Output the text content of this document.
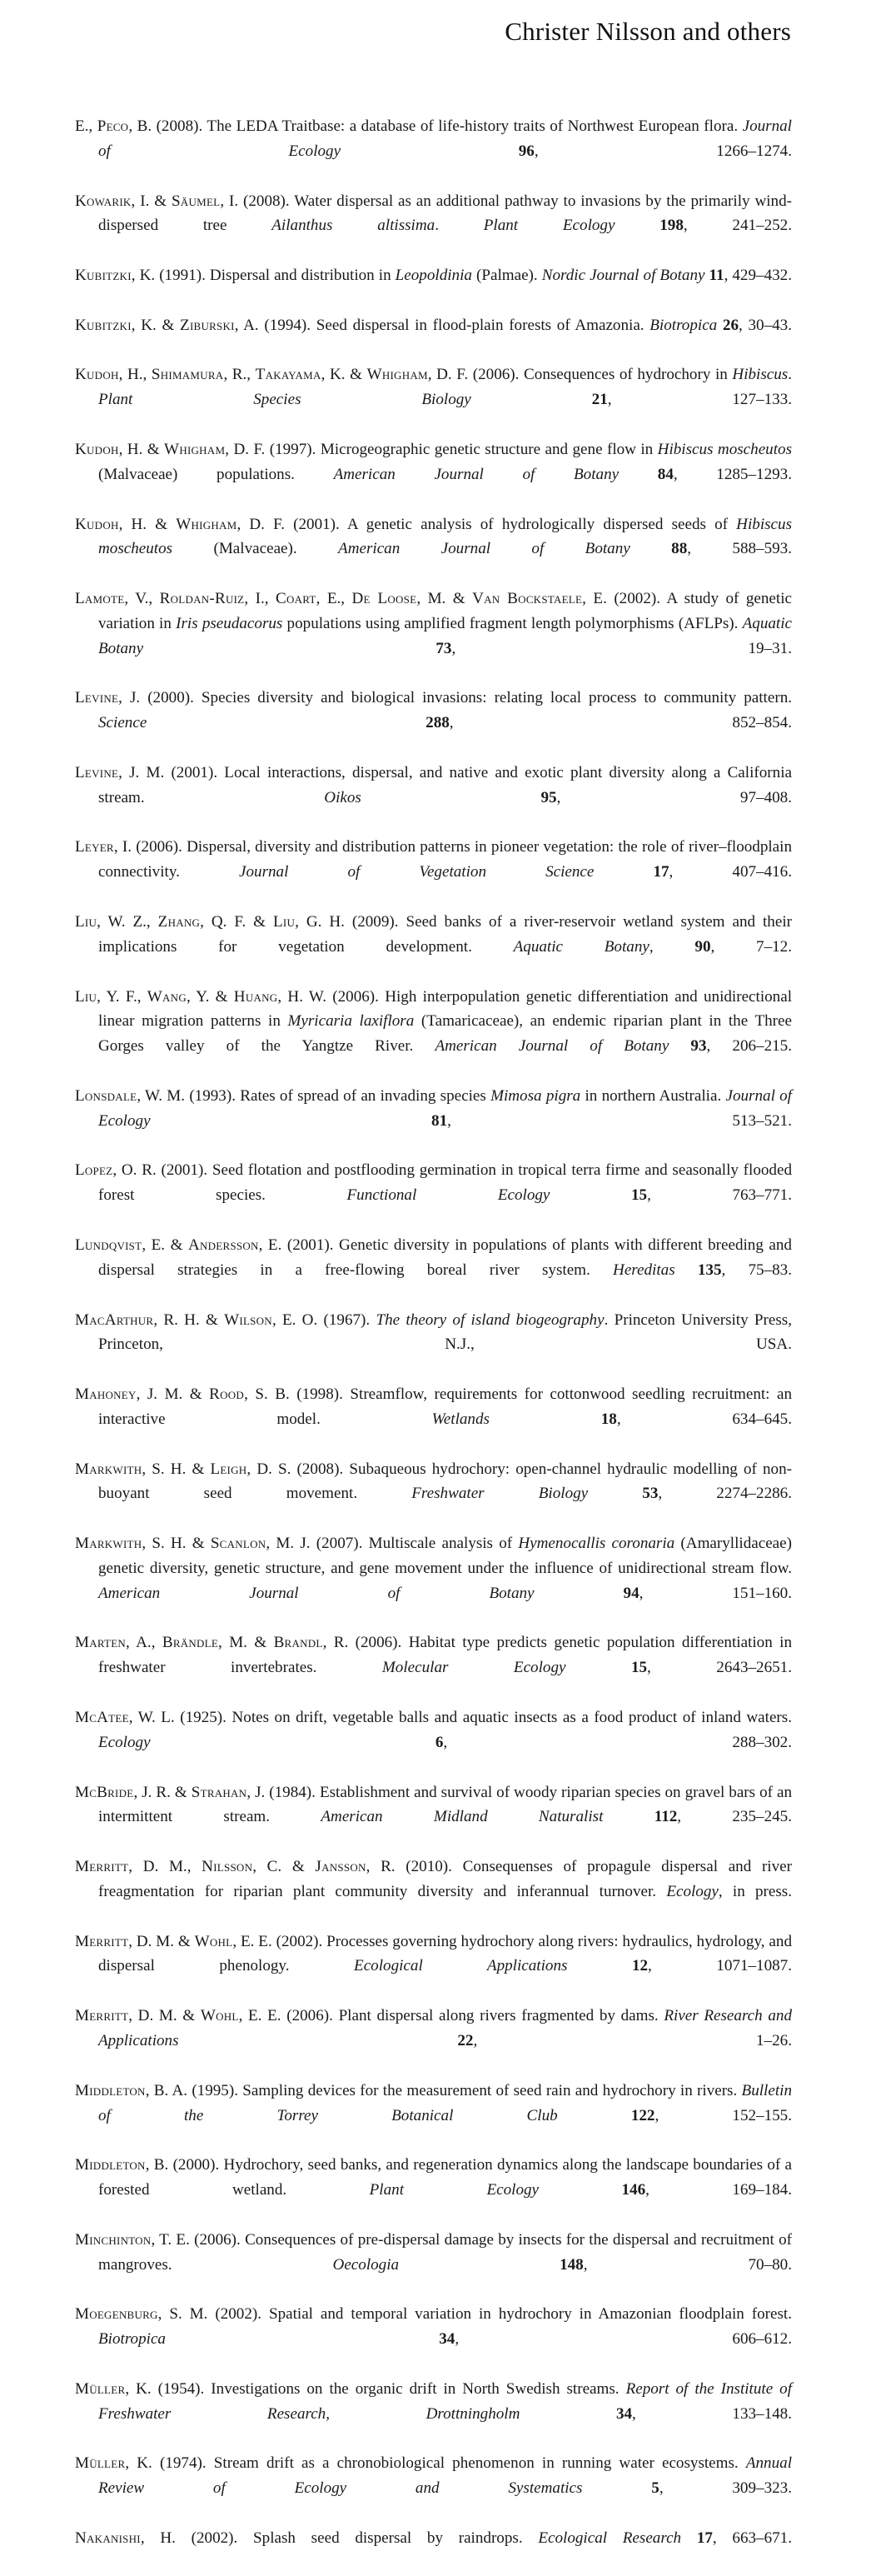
Christer Nilsson and others

E., Peco, B. (2008). The LEDA Traitbase: a database of life-history traits of Northwest European flora. Journal of Ecology 96, 1266–1274.

Kowarik, I. & Säumel, I. (2008). Water dispersal as an additional pathway to invasions by the primarily wind-dispersed tree Ailanthus altissima. Plant Ecology 198, 241–252.

Kubitzki, K. (1991). Dispersal and distribution in Leopoldinia (Palmae). Nordic Journal of Botany 11, 429–432.

Kubitzki, K. & Ziburski, A. (1994). Seed dispersal in flood-plain forests of Amazonia. Biotropica 26, 30–43.

Kudoh, H., Shimamura, R., Takayama, K. & Whigham, D. F. (2006). Consequences of hydrochory in Hibiscus. Plant Species Biology 21, 127–133.

Kudoh, H. & Whigham, D. F. (1997). Microgeographic genetic structure and gene flow in Hibiscus moscheutos (Malvaceae) populations. American Journal of Botany 84, 1285–1293.

Kudoh, H. & Whigham, D. F. (2001). A genetic analysis of hydrologically dispersed seeds of Hibiscus moscheutos (Malvaceae). American Journal of Botany 88, 588–593.

Lamote, V., Roldan-Ruiz, I., Coart, E., De Loose, M. & Van Bockstaele, E. (2002). A study of genetic variation in Iris pseudacorus populations using amplified fragment length polymorphisms (AFLPs). Aquatic Botany 73, 19–31.

Levine, J. (2000). Species diversity and biological invasions: relating local process to community pattern. Science 288, 852–854.

Levine, J. M. (2001). Local interactions, dispersal, and native and exotic plant diversity along a California stream. Oikos 95, 97–408.

Leyer, I. (2006). Dispersal, diversity and distribution patterns in pioneer vegetation: the role of river–floodplain connectivity. Journal of Vegetation Science 17, 407–416.

Liu, W. Z., Zhang, Q. F. & Liu, G. H. (2009). Seed banks of a river-reservoir wetland system and their implications for vegetation development. Aquatic Botany, 90, 7–12.

Liu, Y. F., Wang, Y. & Huang, H. W. (2006). High interpopulation genetic differentiation and unidirectional linear migration patterns in Myricaria laxiflora (Tamaricaceae), an endemic riparian plant in the Three Gorges valley of the Yangtze River. American Journal of Botany 93, 206–215.

Lonsdale, W. M. (1993). Rates of spread of an invading species Mimosa pigra in northern Australia. Journal of Ecology 81, 513–521.

Lopez, O. R. (2001). Seed flotation and postflooding germination in tropical terra firme and seasonally flooded forest species. Functional Ecology 15, 763–771.

Lundqvist, E. & Andersson, E. (2001). Genetic diversity in populations of plants with different breeding and dispersal strategies in a free-flowing boreal river system. Hereditas 135, 75–83.

MacArthur, R. H. & Wilson, E. O. (1967). The theory of island biogeography. Princeton University Press, Princeton, N.J., USA.

Mahoney, J. M. & Rood, S. B. (1998). Streamflow, requirements for cottonwood seedling recruitment: an interactive model. Wetlands 18, 634–645.

Markwith, S. H. & Leigh, D. S. (2008). Subaqueous hydrochory: open-channel hydraulic modelling of non-buoyant seed movement. Freshwater Biology 53, 2274–2286.

Markwith, S. H. & Scanlon, M. J. (2007). Multiscale analysis of Hymenocallis coronaria (Amaryllidaceae) genetic diversity, genetic structure, and gene movement under the influence of unidirectional stream flow. American Journal of Botany 94, 151–160.

Marten, A., Brändle, M. & Brandl, R. (2006). Habitat type predicts genetic population differentiation in freshwater invertebrates. Molecular Ecology 15, 2643–2651.

McAtee, W. L. (1925). Notes on drift, vegetable balls and aquatic insects as a food product of inland waters. Ecology 6, 288–302.

McBride, J. R. & Strahan, J. (1984). Establishment and survival of woody riparian species on gravel bars of an intermittent stream. American Midland Naturalist 112, 235–245.

Merritt, D. M., Nilsson, C. & Jansson, R. (2010). Consequenses of propagule dispersal and river freagmentation for riparian plant community diversity and inferannual turnover. Ecology, in press.

Merritt, D. M. & Wohl, E. E. (2002). Processes governing hydrochory along rivers: hydraulics, hydrology, and dispersal phenology. Ecological Applications 12, 1071–1087.

Merritt, D. M. & Wohl, E. E. (2006). Plant dispersal along rivers fragmented by dams. River Research and Applications 22, 1–26.

Middleton, B. A. (1995). Sampling devices for the measurement of seed rain and hydrochory in rivers. Bulletin of the Torrey Botanical Club 122, 152–155.

Middleton, B. (2000). Hydrochory, seed banks, and regeneration dynamics along the landscape boundaries of a forested wetland. Plant Ecology 146, 169–184.

Minchinton, T. E. (2006). Consequences of pre-dispersal damage by insects for the dispersal and recruitment of mangroves. Oecologia 148, 70–80.

Moegenburg, S. M. (2002). Spatial and temporal variation in hydrochory in Amazonian floodplain forest. Biotropica 34, 606–612.

Müller, K. (1954). Investigations on the organic drift in North Swedish streams. Report of the Institute of Freshwater Research, Drottningholm 34, 133–148.

Müller, K. (1974). Stream drift as a chronobiological phenomenon in running water ecosystems. Annual Review of Ecology and Systematics 5, 309–323.

Nakanishi, H. (2002). Splash seed dispersal by raindrops. Ecological Research 17, 663–671.
